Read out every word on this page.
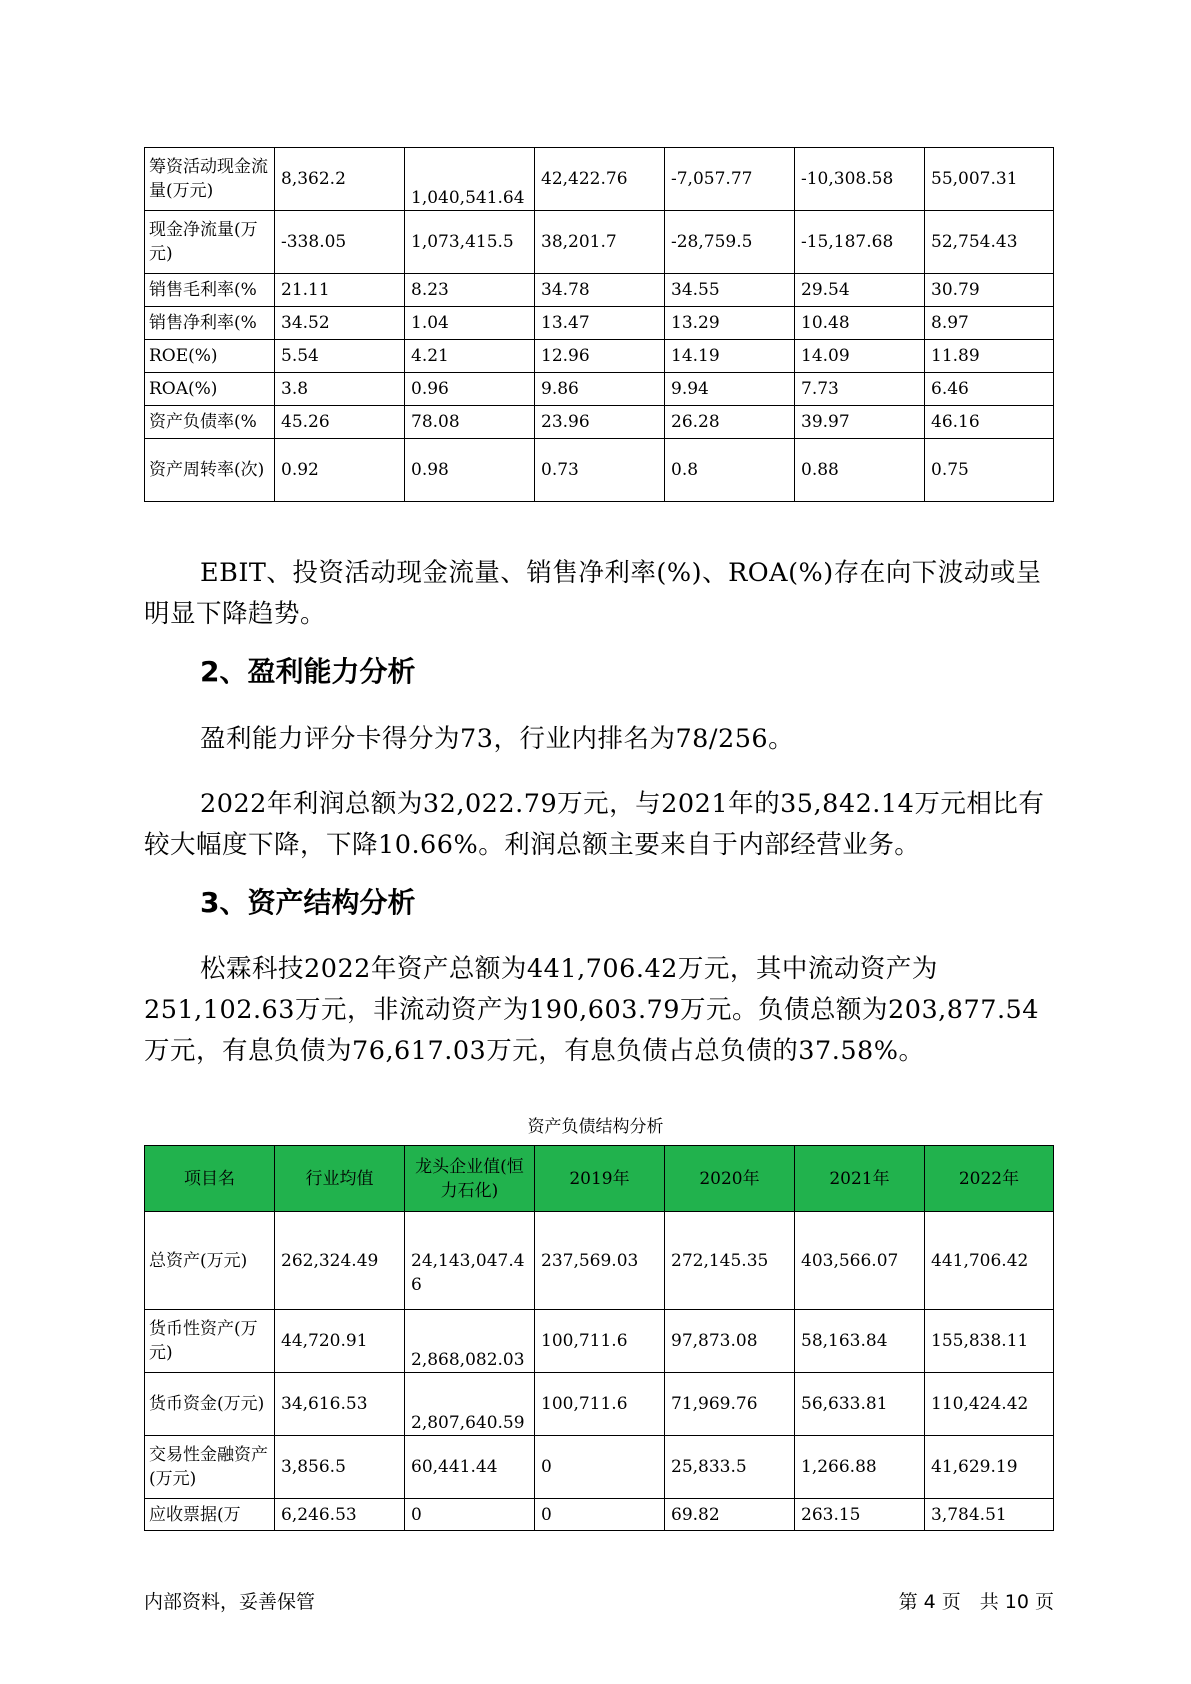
筹资活动现金流量(万元)	8,362.2	1,040,541.64	42,422.76	-7,057.77	-10,308.58	55,007.31
现金净流量(万元)	-338.05	1,073,415.5	38,201.7	-28,759.5	-15,187.68	52,754.43
销售毛利率(%	21.11	8.23	34.78	34.55	29.54	30.79
销售净利率(%	34.52	1.04	13.47	13.29	10.48	8.97
ROE(%)	5.54	4.21	12.96	14.19	14.09	11.89
ROA(%)	3.8	0.96	9.86	9.94	7.73	6.46
资产负债率(%	45.26	78.08	23.96	26.28	39.97	46.16
资产周转率(次)	0.92	0.98	0.73	0.8	0.88	0.75

EBIT、投资活动现金流量、销售净利率(%)、ROA(%)存在向下波动或呈明显下降趋势。

2、盈利能力分析

盈利能力评分卡得分为73，行业内排名为78/256。

2022年利润总额为32,022.79万元，与2021年的35,842.14万元相比有较大幅度下降，下降10.66%。利润总额主要来自于内部经营业务。

3、资产结构分析

松霖科技2022年资产总额为441,706.42万元，其中流动资产为251,102.63万元，非流动资产为190,603.79万元。负债总额为203,877.54万元，有息负债为76,617.03万元，有息负债占总负债的37.58%。

资产负债结构分析
项目名	行业均值	龙头企业值(恒力石化)	2019年	2020年	2021年	2022年
总资产(万元)	262,324.49	24,143,047.46	237,569.03	272,145.35	403,566.07	441,706.42
货币性资产(万元)	44,720.91	2,868,082.03	100,711.6	97,873.08	58,163.84	155,838.11
货币资金(万元)	34,616.53	2,807,640.59	100,711.6	71,969.76	56,633.81	110,424.42
交易性金融资产(万元)	3,856.5	60,441.44	0	25,833.5	1,266.88	41,629.19
应收票据(万	6,246.53	0	0	69.82	263.15	3,784.51
内部资料，妥善保管	第 4 页　共 10 页
